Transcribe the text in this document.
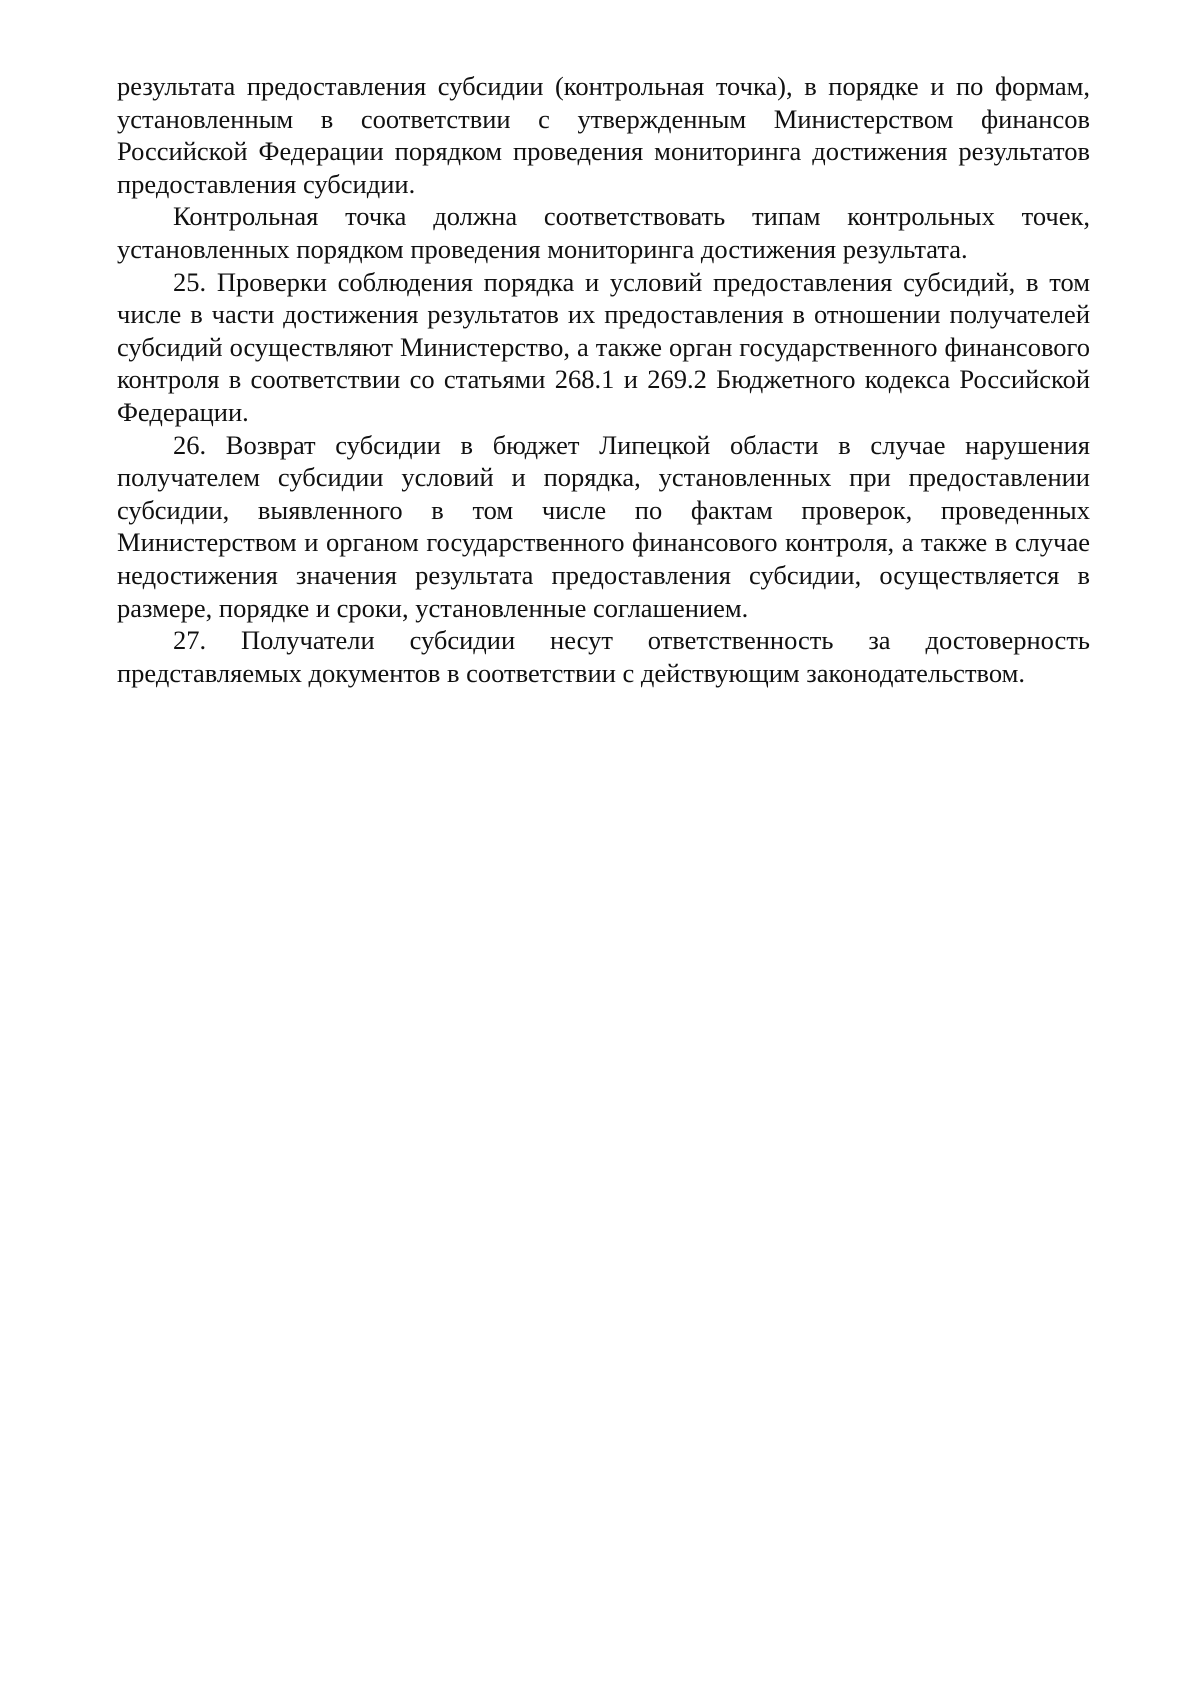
результата предоставления субсидии (контрольная точка), в порядке и по формам, установленным в соответствии с утвержденным Министерством финансов Российской Федерации порядком проведения мониторинга достижения результатов предоставления субсидии.

Контрольная точка должна соответствовать типам контрольных точек, установленных порядком проведения мониторинга достижения результата.

25. Проверки соблюдения порядка и условий предоставления субсидий, в том числе в части достижения результатов их предоставления в отношении получателей субсидий осуществляют Министерство, а также орган государственного финансового контроля в соответствии со статьями 268.1 и 269.2 Бюджетного кодекса Российской Федерации.

26. Возврат субсидии в бюджет Липецкой области в случае нарушения получателем субсидии условий и порядка, установленных при предоставлении субсидии, выявленного в том числе по фактам проверок, проведенных Министерством и органом государственного финансового контроля, а также в случае недостижения значения результата предоставления субсидии, осуществляется в размере, порядке и сроки, установленные соглашением.

27. Получатели субсидии несут ответственность за достоверность представляемых документов в соответствии с действующим законодательством.
